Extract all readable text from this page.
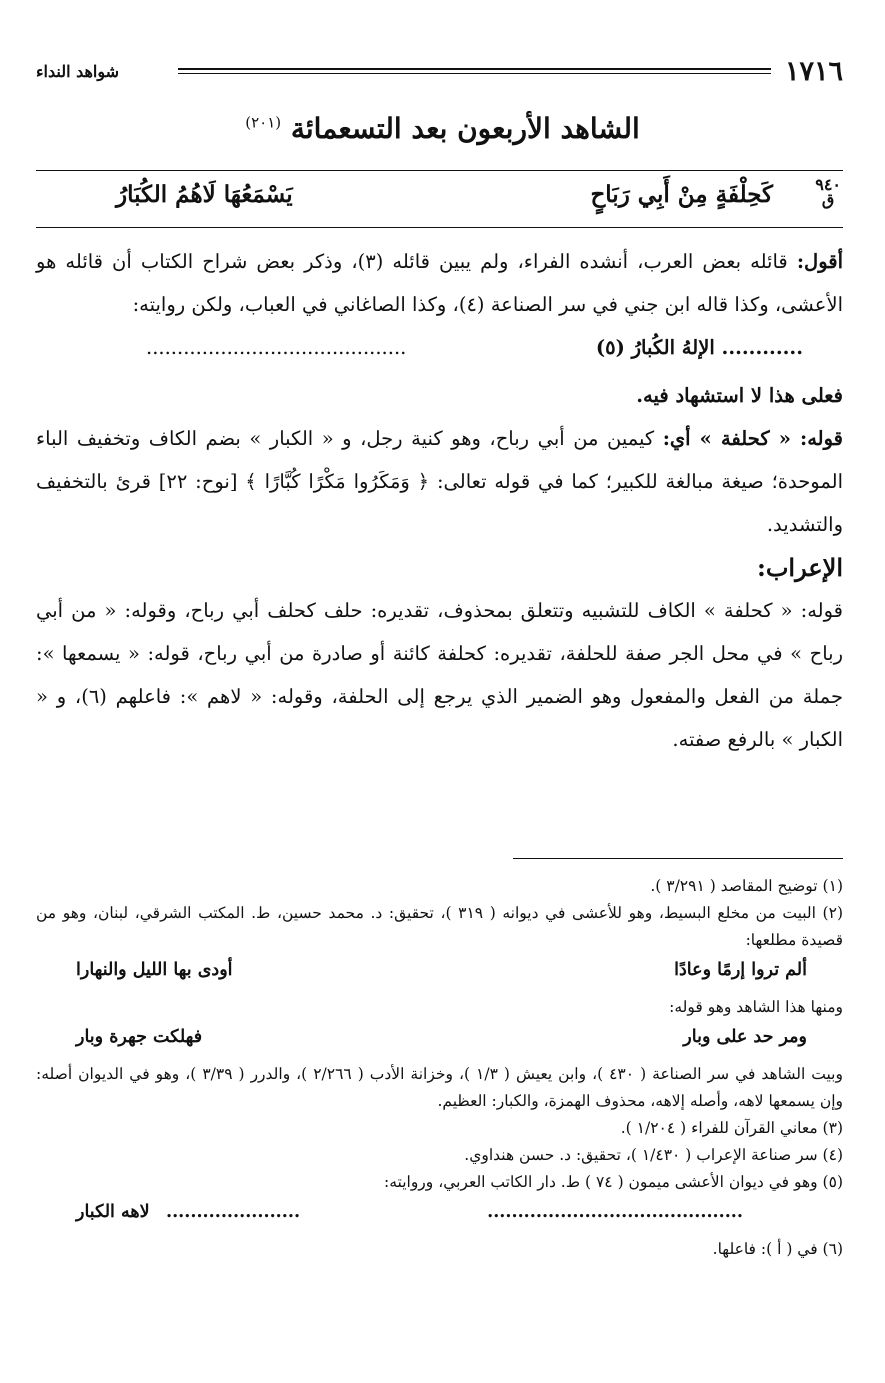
١٧١٦
شواهد النداء
الشاهد الأربعون بعد التسعمائة $^{(٢٠١)}$
٩٤٠
ق
كَحِلْفَةٍ مِنْ أَبِي رَبَاحٍ
يَسْمَعُهَا لَاهُمُ الكُبَارُ

أقول: قائله بعض العرب، أنشده الفراء، ولم يبين قائله (٣)، وذكر بعض شراح الكتاب أن قائله هو الأعشى، وكذا قاله ابن جني في سر الصناعة (٤)، وكذا الصاغاني في العباب، ولكن روايته:

..........................................	............ الإلهُ الكُبارُ (٥)

فعلى هذا لا استشهاد فيه.

قوله: « كحلفة » أي: كيمين من أبي رباح، وهو كنية رجل، و « الكبار » بضم الكاف وتخفيف الباء الموحدة؛ صيغة مبالغة للكبير؛ كما في قوله تعالى: ﴿ وَمَكَرُوا مَكْرًا كُبَّارًا ﴾ [نوح: ٢٢] قرئ بالتخفيف والتشديد.

الإعراب:

قوله: « كحلفة » الكاف للتشبيه وتتعلق بمحذوف، تقديره: حلف كحلف أبي رباح، وقوله: « من أبي رباح » في محل الجر صفة للحلفة، تقديره: كحلفة كائنة أو صادرة من أبي رباح، قوله: « يسمعها »: جملة من الفعل والمفعول وهو الضمير الذي يرجع إلى الحلفة، وقوله: « لاهم »: فاعلهم (٦)، و « الكبار » بالرفع صفته.

(١) توضيح المقاصد ( ٣/٢٩١ ).

(٢) البيت من مخلع البسيط، وهو للأعشى في ديوانه ( ٣١٩ )، تحقيق: د. محمد حسين، ط. المكتب الشرقي، لبنان، وهو من قصيدة مطلعها:

ألم تروا إرمًا وعادًا
أودى بها الليل والنهارا

ومنها هذا الشاهد وهو قوله:

ومر حد على وبار
فهلكت جهرة وبار

وبيت الشاهد في سر الصناعة ( ٤٣٠ )، وابن يعيش ( ١/٣ )، وخزانة الأدب ( ٢/٢٦٦ )، والدرر ( ٣/٣٩ )، وهو في الديوان أصله: وإن يسمعها لاهه، وأصله إلاهه، محذوف الهمزة، والكبار: العظيم.

(٣) معاني القرآن للفراء ( ١/٢٠٤ ).

(٤) سر صناعة الإعراب ( ١/٤٣٠ )، تحقيق: د. حسن هنداوي.

(٥) وهو في ديوان الأعشى ميمون ( ٧٤ ) ط. دار الكاتب العربي، وروايته:

..........................................
......................
لاهه الكبار

(٦) في ( أ ): فاعلها.
